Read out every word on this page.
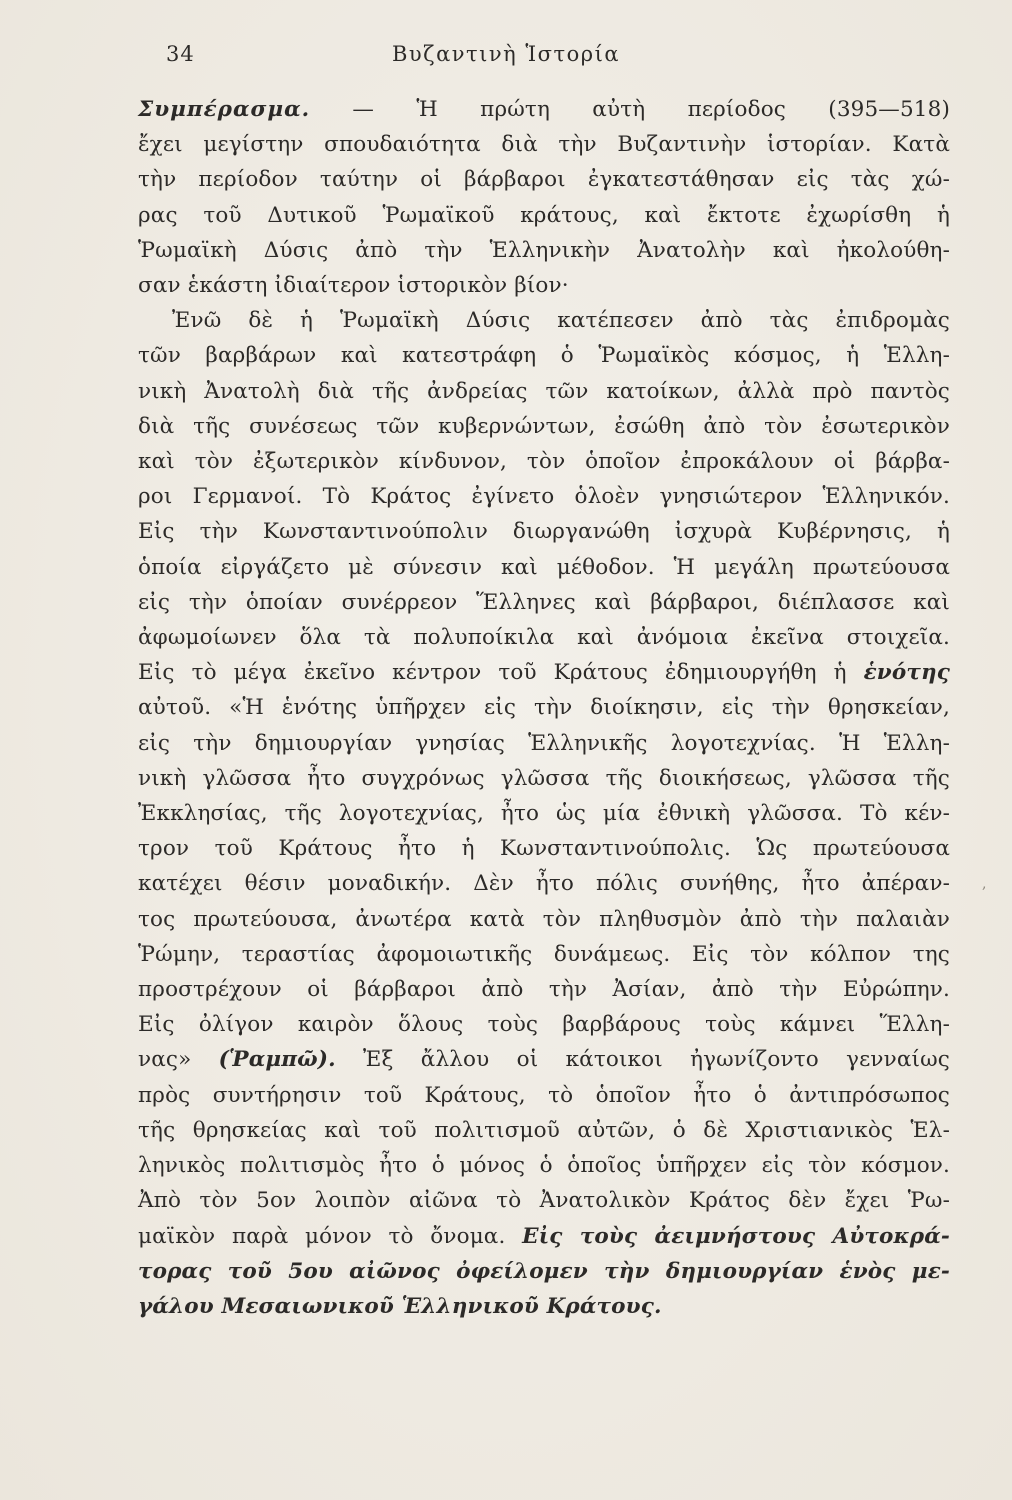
34	Βυζαντινὴ Ἱστορία
Συμπέρασμα. — Ἡ πρώτη αὐτὴ περίοδος (395—518)
ἔχει μεγίστην σπουδαιότητα διὰ τὴν Βυζαντινὴν ἱστορίαν. Κατὰ
τὴν περίοδον ταύτην οἱ βάρβαροι ἐγκατεστάθησαν εἰς τὰς χώ-
ρας τοῦ Δυτικοῦ Ῥωμαϊκοῦ κράτους, καὶ ἔκτοτε ἐχωρίσθη ἡ
Ῥωμαϊκὴ Δύσις ἀπὸ τὴν Ἑλληνικὴν Ἀνατολὴν καὶ ἠκολούθη-
σαν ἑκάστη ἰδιαίτερον ἱστορικὸν βίον·
Ἐνῶ δὲ ἡ Ῥωμαϊκὴ Δύσις κατέπεσεν ἀπὸ τὰς ἐπιδρομὰς
τῶν βαρβάρων καὶ κατεστράφη ὁ Ῥωμαϊκὸς κόσμος, ἡ Ἑλλη-
νικὴ Ἀνατολὴ διὰ τῆς ἀνδρείας τῶν κατοίκων, ἀλλὰ πρὸ παντὸς
διὰ τῆς συνέσεως τῶν κυβερνώντων, ἐσώθη ἀπὸ τὸν ἐσωτερικὸν
καὶ τὸν ἐξωτερικὸν κίνδυνον, τὸν ὁποῖον ἐπροκάλουν οἱ βάρβα-
ροι Γερμανοί. Τὸ Κράτος ἐγίνετο ὁλοὲν γνησιώτερον Ἑλληνικόν.
Εἰς τὴν Κωνσταντινούπολιν διωργανώθη ἰσχυρὰ Κυβέρνησις, ἡ
ὁποία εἰργάζετο μὲ σύνεσιν καὶ μέθοδον. Ἡ μεγάλη πρωτεύουσα
εἰς τὴν ὁποίαν συνέρρεον Ἕλληνες καὶ βάρβαροι, διέπλασσε καὶ
ἀφωμοίωνεν ὅλα τὰ πολυποίκιλα καὶ ἀνόμοια ἐκεῖνα στοιχεῖα.
Εἰς τὸ μέγα ἐκεῖνο κέντρον τοῦ Κράτους ἐδημιουργήθη ἡ ἑνότης
αὐτοῦ. «Ἡ ἑνότης ὑπῆρχεν εἰς τὴν διοίκησιν, εἰς τὴν θρησκείαν,
εἰς τὴν δημιουργίαν γνησίας Ἑλληνικῆς λογοτεχνίας. Ἡ Ἑλλη-
νικὴ γλῶσσα ἦτο συγχρόνως γλῶσσα τῆς διοικήσεως, γλῶσσα τῆς
Ἐκκλησίας, τῆς λογοτεχνίας, ἦτο ὡς μία ἐθνικὴ γλῶσσα. Τὸ κέν-
τρον τοῦ Κράτους ἦτο ἡ Κωνσταντινούπολις. Ὡς πρωτεύουσα
κατέχει θέσιν μοναδικήν. Δὲν ἦτο πόλις συνήθης, ἦτο ἀπέραν-
τος πρωτεύουσα, ἀνωτέρα κατὰ τὸν πληθυσμὸν ἀπὸ τὴν παλαιὰν
Ῥώμην, τεραστίας ἀφομοιωτικῆς δυνάμεως. Εἰς τὸν κόλπον της
προστρέχουν οἱ βάρβαροι ἀπὸ τὴν Ἀσίαν, ἀπὸ τὴν Εὐρώπην.
Εἰς ὀλίγον καιρὸν ὅλους τοὺς βαρβάρους τοὺς κάμνει Ἕλλη-
νας» (Ῥαμπῶ). Ἐξ ἄλλου οἱ κάτοικοι ἠγωνίζοντο γενναίως
πρὸς συντήρησιν τοῦ Κράτους, τὸ ὁποῖον ἦτο ὁ ἀντιπρόσωπος
τῆς θρησκείας καὶ τοῦ πολιτισμοῦ αὐτῶν, ὁ δὲ Χριστιανικὸς Ἑλ-
ληνικὸς πολιτισμὸς ἦτο ὁ μόνος ὁ ὁποῖος ὑπῆρχεν εἰς τὸν κόσμον.
Ἀπὸ τὸν 5ον λοιπὸν αἰῶνα τὸ Ἀνατολικὸν Κράτος δὲν ἔχει Ῥω-
μαϊκὸν παρὰ μόνον τὸ ὄνομα. Εἰς τοὺς ἀειμνήστους Αὐτοκρά-
τορας τοῦ 5ου αἰῶνος ὀφείλομεν τὴν δημιουργίαν ἑνὸς με-
γάλου Μεσαιωνικοῦ Ἑλληνικοῦ Κράτους.
,
